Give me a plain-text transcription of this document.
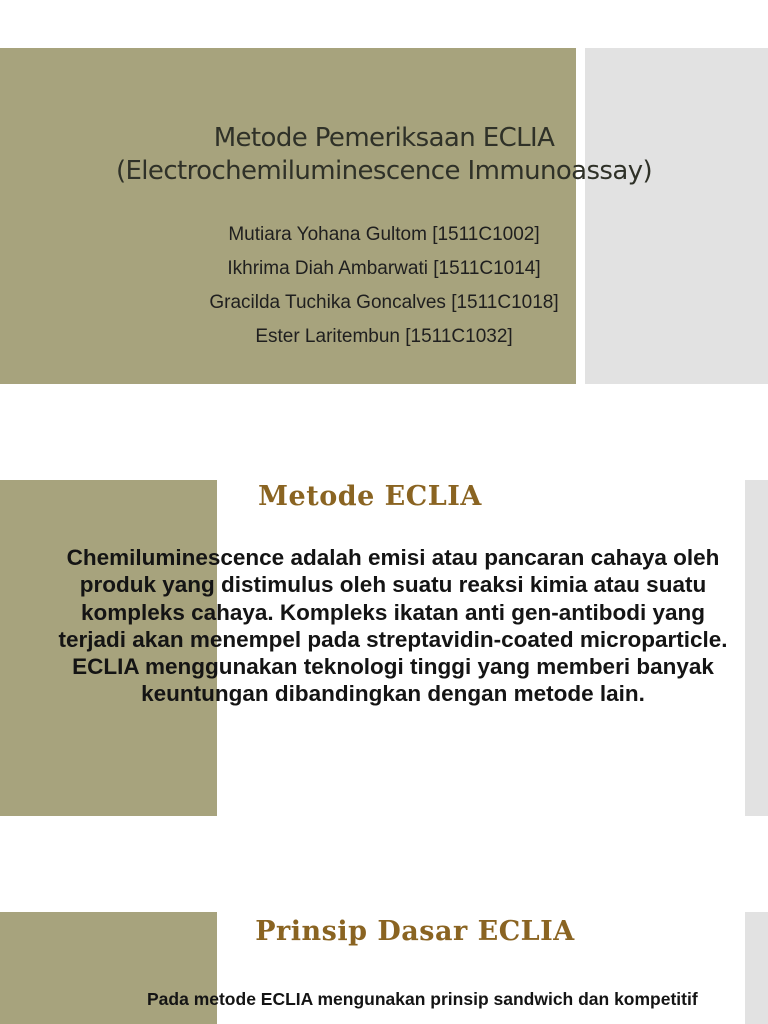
Metode Pemeriksaan ECLIA
(Electrochemiluminescence Immunoassay)
Mutiara Yohana Gultom [1511C1002]
Ikhrima Diah Ambarwati [1511C1014]
Gracilda Tuchika Goncalves [1511C1018]
Ester Laritembun [1511C1032]
Metode ECLIA

Chemiluminescence adalah emisi atau pancaran cahaya oleh produk yang distimulus oleh suatu reaksi kimia atau suatu kompleks cahaya. Kompleks ikatan anti gen-antibodi yang terjadi akan menempel pada streptavidin-coated microparticle. ECLIA menggunakan teknologi tinggi yang memberi banyak keuntungan dibandingkan dengan metode lain.

Prinsip Dasar ECLIA

Pada metode ECLIA mengunakan prinsip sandwich dan kompetitif
